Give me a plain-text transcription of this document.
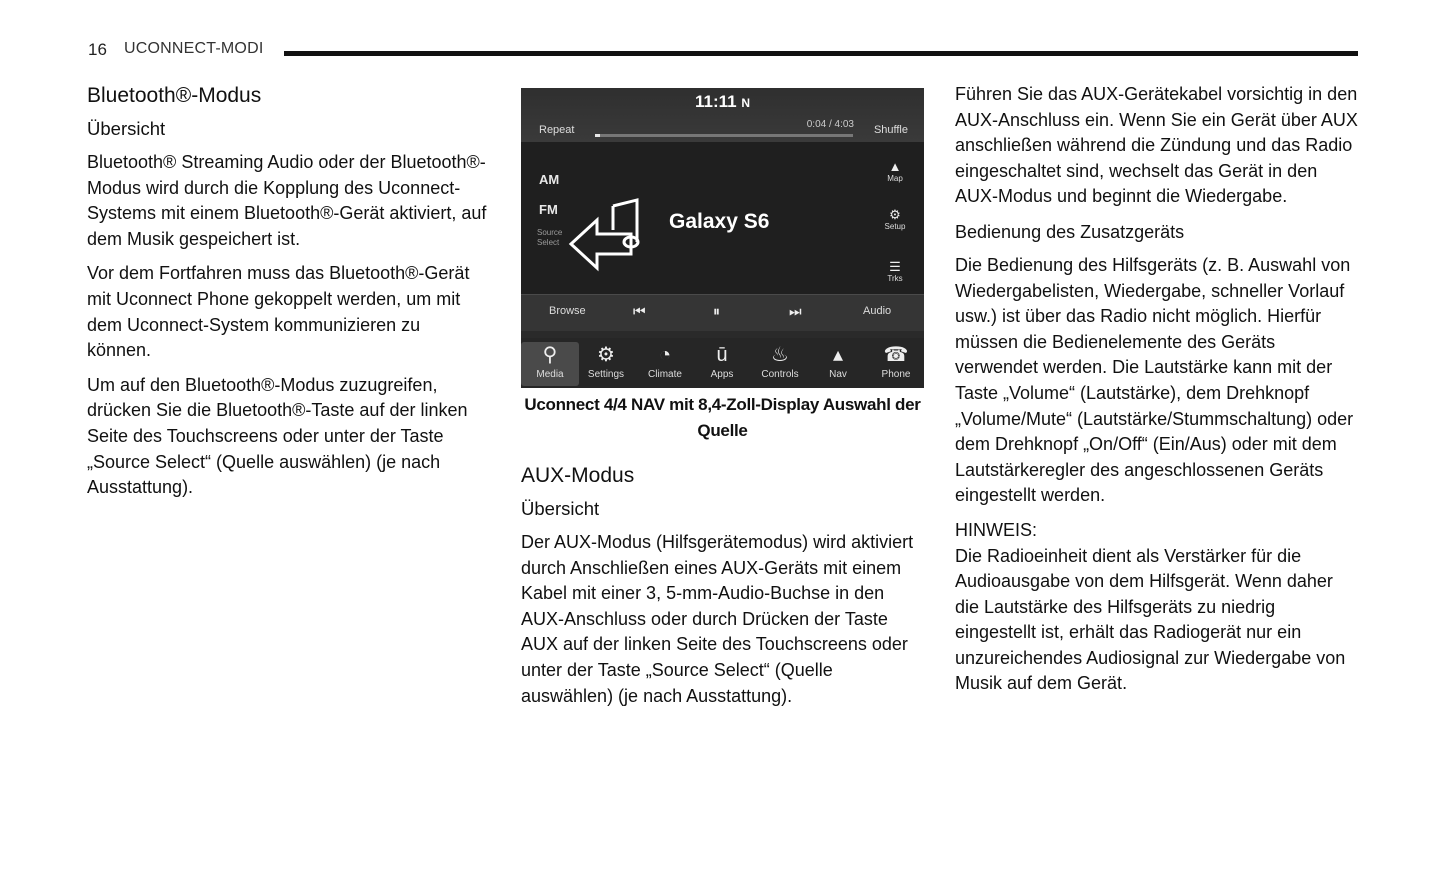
16 UCONNECT-MODI
Bluetooth®-Modus
Übersicht

Bluetooth® Streaming Audio oder der Bluetooth®-Modus wird durch die Kopplung des Uconnect-Systems mit einem Bluetooth®-Gerät aktiviert, auf dem Musik gespeichert ist.

Vor dem Fortfahren muss das Bluetooth®-Gerät mit Uconnect Phone gekoppelt werden, um mit dem Uconnect-System kommunizieren zu können.

Um auf den Bluetooth®-Modus zuzugreifen, drücken Sie die Bluetooth®-Taste auf der linken Seite des Touchscreens oder unter der Taste „Source Select“ (Quelle auswählen) (je nach Ausstattung).

11:11 N
Repeat	Shuffle
0:04 / 4:03
AM
FM
Source Select
Galaxy S6
▲
Map
⚙
Setup
☰
Trks
Browse	⏮	⏸	⏭	Audio
⚲
Media
⚙
Settings
◔
Climate
ū
Apps
♨
Controls
▴
Nav
☎
Phone
Uconnect 4/4 NAV mit 8,4-Zoll-Display Auswahl der Quelle
AUX-Modus
Übersicht

Der AUX-Modus (Hilfsgerätemodus) wird aktiviert durch Anschließen eines AUX-Geräts mit einem Kabel mit einer 3, 5-mm-Audio-Buchse in den AUX-Anschluss oder durch Drücken der Taste AUX auf der linken Seite des Touchscreens oder unter der Taste „Source Select“ (Quelle auswählen) (je nach Ausstattung).

Führen Sie das AUX-Gerätekabel vorsichtig in den AUX-Anschluss ein. Wenn Sie ein Gerät über AUX anschließen während die Zündung und das Radio eingeschaltet sind, wechselt das Gerät in den AUX-Modus und beginnt die Wiedergabe.

Bedienung des Zusatzgeräts

Die Bedienung des Hilfsgeräts (z. B. Auswahl von Wiedergabelisten, Wiedergabe, schneller Vorlauf usw.) ist über das Radio nicht möglich. Hierfür müssen die Bedienelemente des Geräts verwendet werden. Die Lautstärke kann mit der Taste „Volume“ (Lautstärke), dem Drehknopf „Volume/Mute“ (Lautstärke/Stummschaltung) oder dem Drehknopf „On/Off“ (Ein/Aus) oder mit dem Lautstärkeregler des angeschlossenen Geräts eingestellt werden.

HINWEIS:

Die Radioeinheit dient als Verstärker für die Audioausgabe von dem Hilfsgerät. Wenn daher die Lautstärke des Hilfsgeräts zu niedrig eingestellt ist, erhält das Radiogerät nur ein unzureichendes Audiosignal zur Wiedergabe von Musik auf dem Gerät.
